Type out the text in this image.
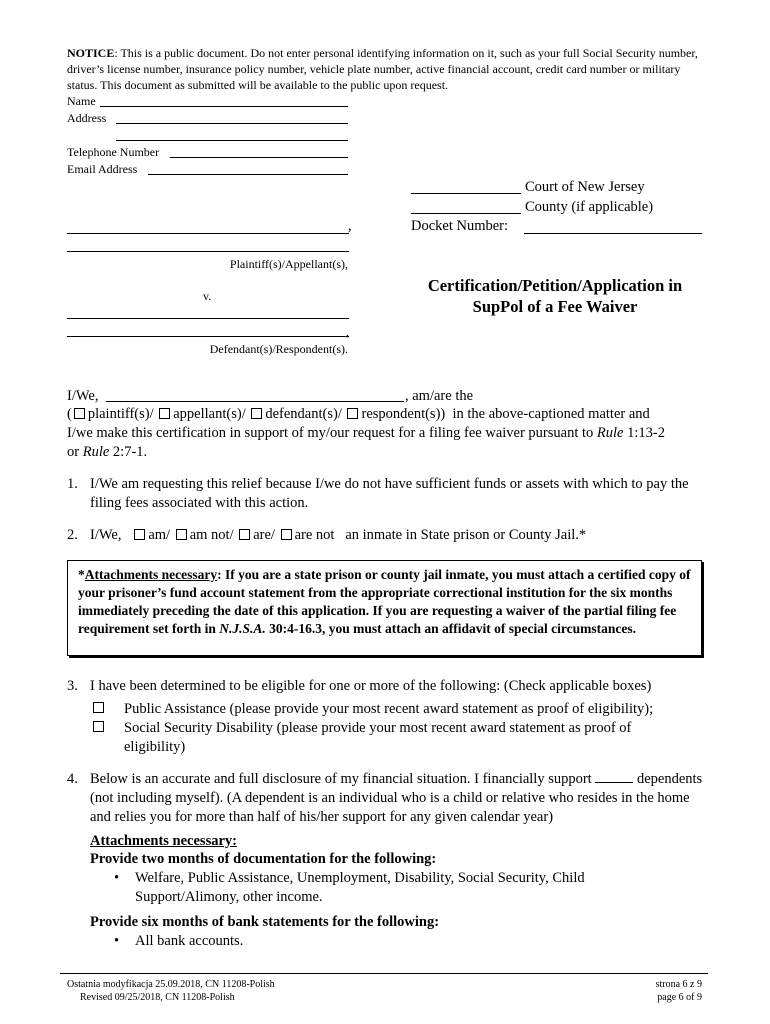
NOTICE: This is a public document. Do not enter personal identifying information on it, such as your full Social Security number, driver’s license number, insurance policy number, vehicle plate number, active financial account, credit card number or military status. This document as submitted will be available to the public upon request.
Name
Address
Telephone Number
Email Address
Court of New Jersey
County (if applicable)
Docket Number:
,
Plaintiff(s)/Appellant(s),
v.
,
Defendant(s)/Respondent(s).
Certification/Petition/Application in
SupPol of a Fee Waiver
I/We,	, am/are the
( plaintiff(s)/ appellant(s)/ defendant(s)/ respondent(s)) in the above-captioned matter and
I/we make this certification in support of my/our request for a filing fee waiver pursuant to Rule 1:13-2
or Rule 2:7-1.
1. I/We am requesting this relief because I/we do not have sufficient funds or assets with which to pay the filing fees associated with this action.
2. I/We, am/ am not/ are/ are not an inmate in State prison or County Jail.*
*Attachments necessary: If you are a state prison or county jail inmate, you must attach a certified copy of your prisoner’s fund account statement from the appropriate correctional institution for the six months immediately preceding the date of this application. If you are requesting a waiver of the partial filing fee requirement set forth in N.J.S.A. 30:4-16.3, you must attach an affidavit of special circumstances.
3. I have been determined to be eligible for one or more of the following: (Check applicable boxes)
Public Assistance (please provide your most recent award statement as proof of eligibility);
Social Security Disability (please provide your most recent award statement as proof of
eligibility)
4. Below is an accurate and full disclosure of my financial situation. I financially support	dependents (not including myself). (A dependent is an individual who is a child or relative who resides in the home and relies you for more than half of his/her support for any given calendar year)
Attachments necessary:
Provide two months of documentation for the following:
• Welfare, Public Assistance, Unemployment, Disability, Social Security, Child Support/Alimony, other income.
Provide six months of bank statements for the following:
• All bank accounts.
Ostatnia modyfikacja 25.09.2018, CN 11208-Polish
Revised 09/25/2018, CN 11208-Polish
strona 6 z 9
page 6 of 9
